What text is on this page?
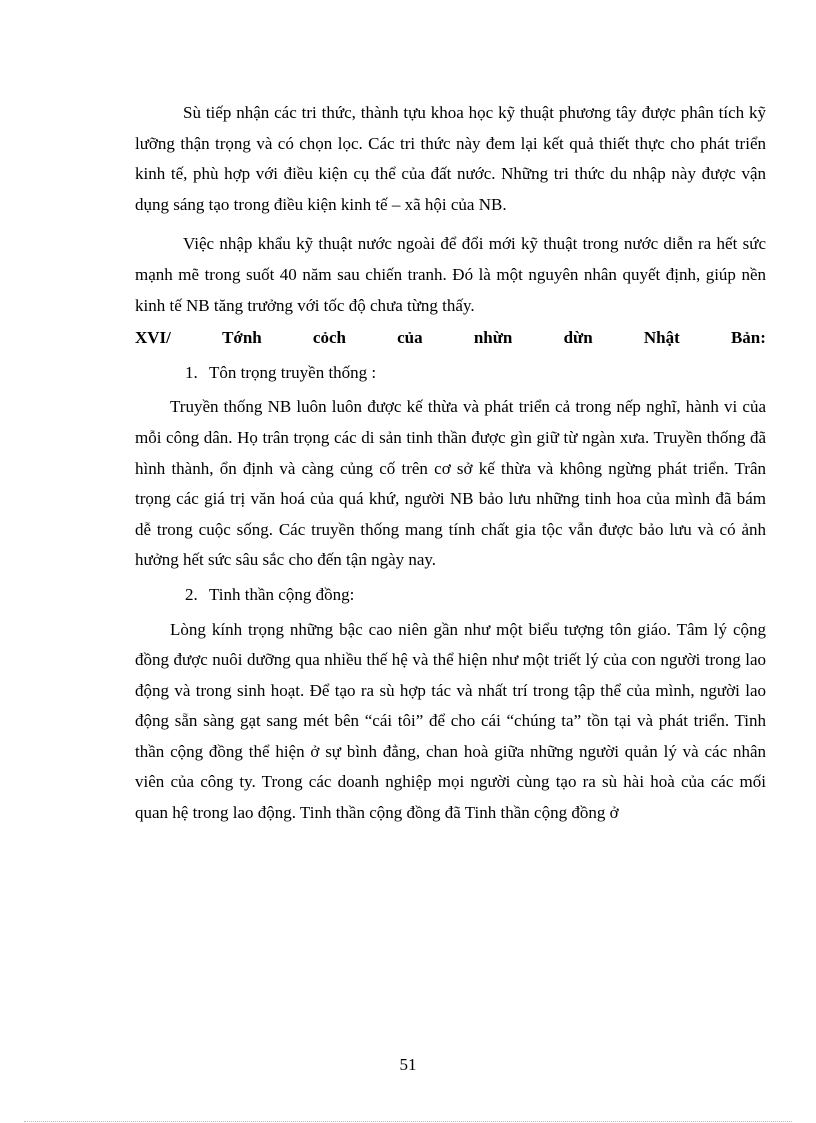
Sù tiếp nhận các tri thức, thành tựu khoa học kỹ thuật phương tây được phân tích kỹ lưỡng thận trọng và có chọn lọc. Các tri thức này đem lại kết quả thiết thực cho phát triển kinh tế, phù hợp với điều kiện cụ thể của đất nước. Những tri thức du nhập này được vận dụng sáng tạo trong điều kiện kinh tế – xã hội của NB.

Việc nhập khẩu kỹ thuật nước ngoài để đổi mới kỹ thuật trong nước diễn ra hết sức mạnh mẽ trong suốt 40 năm sau chiến tranh. Đó là một nguyên nhân quyết định, giúp nền kinh tế NB tăng trưởng với tốc độ chưa từng thấy.

XVI/	Tớnh	cỏch	của	nhừn	dừn	Nhật	Bản:
1. Tôn trọng truyền thống :

Truyền thống NB luôn luôn được kế thừa và phát triển cả trong nếp nghĩ, hành vi của mỗi công dân. Họ trân trọng các di sản tinh thần được gìn giữ từ ngàn xưa. Truyền thống đã hình thành, ổn định và càng củng cố trên cơ sở kế thừa và không ngừng phát triển. Trân trọng các giá trị văn hoá của quá khứ, người NB bảo lưu những tinh hoa của mình đã bám dễ trong cuộc sống. Các truyền thống mang tính chất gia tộc vẫn được bảo lưu và có ảnh hưởng hết sức sâu sắc cho đến tận ngày nay.

2. Tinh thần cộng đồng:

Lòng kính trọng những bậc cao niên gần như một biểu tượng tôn giáo. Tâm lý cộng đồng được nuôi dưỡng qua nhiều thế hệ và thể hiện như một triết lý của con người trong lao động và trong sinh hoạt. Để tạo ra sù hợp tác và nhất trí trong tập thể của mình, người lao động sẵn sàng gạt sang mét bên “cái tôi” để cho cái “chúng ta” tồn tại và phát triển. Tinh thần cộng đồng thể hiện ở sự bình đẳng, chan hoà giữa những người quản lý và các nhân viên của công ty. Trong các doanh nghiệp mọi người cùng tạo ra sù hài hoà của các mối quan hệ trong lao động. Tinh thần cộng đồng đã Tinh thần cộng đồng ở

51
